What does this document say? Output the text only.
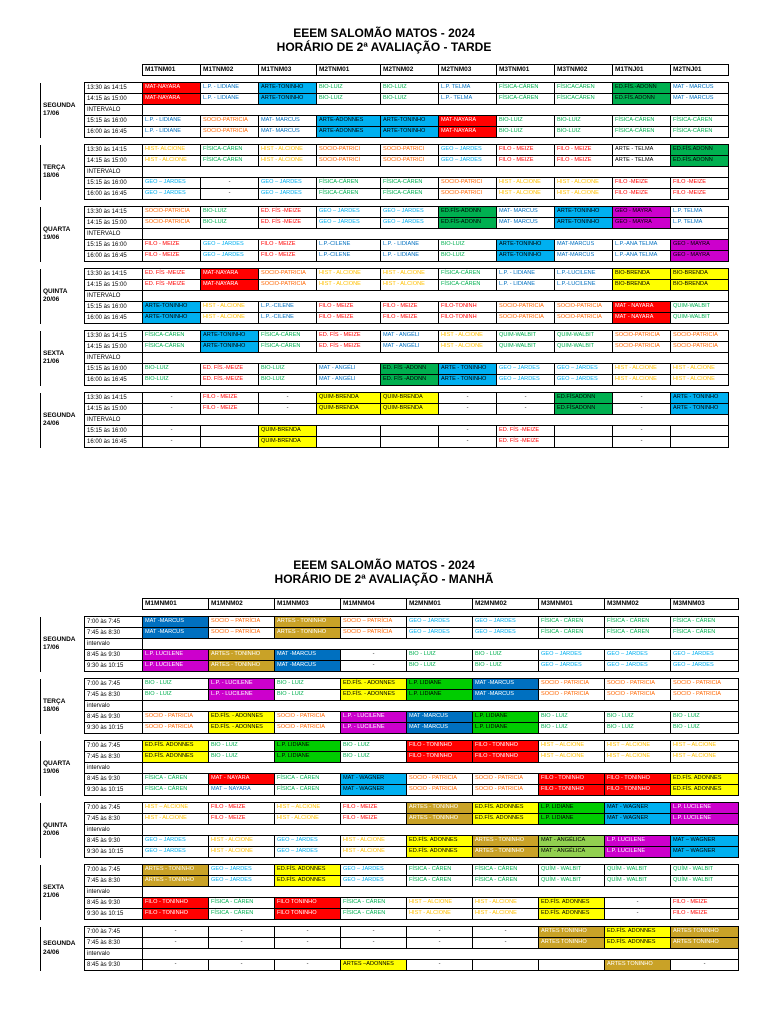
EEEM SALOMÃO MATOS - 2024
HORÁRIO DE 2ª AVALIAÇÃO - TARDE
		M1TNM01	M1TNM02	M1TNM03	M2TNM01	M2TNM02	M2TNM03	M3TNM01	M3TNM02	M1TNJ01	M2TNJ01

SEGUNDA
17/06	13:30 às 14:15	MAT-NAYARA	L.P. - LIDIANE	ARTE-TONINHO	BIO-LUIZ	BIO-LUIZ	L.P. TELMA	FÍSICA-CÁREN	FÍSICACÁREN	ED.FÍS.-ADONN	MAT - MARCUS
	14:15 às 15:00	MAT-NAYARA	L.P. - LIDIANE	ARTE-TONINHO	BIO-LUIZ	BIO-LUIZ	L.P.- TELMA	FÍSICA-CÁREN	FÍSICACÁREN	ED.FÍS.ADONN	MAT - MARCUS
	INTERVALO										
	15:15 às 16:00	L.P. - LIDIANE	SOCIO-PATRICIA	MAT- MARCUS	ARTE-ADONNES	ARTE-TONINHO	MAT-NAYARA	BIO-LUIZ	BIO-LUIZ	FÍSICA-CÁREN	FÍSICA-CÁREN
	16:00 às 16:45	L.P. - LIDIANE	SOCIO-PATRICIA	MAT- MARCUS	ARTE-ADONNES	ARTE-TONINHO	MAT-NAYARA	BIO-LUIZ	BIO-LUIZ	FÍSICA-CÁREN	FÍSICA-CÁREN

TERÇA
18/06	13:30 às 14:15	HIST- ALCIONE	FÍSICA-CÁREN	HIST - ALCIONE	SOCIO-PATRICI	SOCIO-PATRICI	GEO – JARDES	FILO - MEIZE	FILO - MEIZE	ARTE - TELMA	ED.FÍS.ADONN
	14:15 às 15:00	HIST - ALCIONE	FÍSICA-CÁREN	HIST - ALCIONE	SOCIO-PATRICI	SOCIO-PATRICI	GEO – JARDES	FILO - MEIZE	FILO - MEIZE	ARTE - TELMA	ED.FÍS.ADONN
	INTERVALO										
	15:15 às 16:00	GEO – JARDES	-	GEO – JARDES	FÍSICA-CÁREN	FÍSICA-CÁREN	SOCIO-PATRICI	HIST - ALCIONE	HIST - ALCIONE	FILO -MEIZE	FILO -MEIZE
	16:00 às 16:45	GEO – JARDES	-	GEO – JARDES	FÍSICA-CÁREN	FÍSICA-CÁREN	SOCIO-PATRICI	HIST - ALCIONE	HIST - ALCIONE	FILO -MEIZE	FILO -MEIZE

QUARTA
19/06	13:30 às 14:15	SOCIO-PATRICIA	BIO-LUIZ	ED. FÍS -MEIZE	GEO – JARDES	GEO – JARDES	ED.FÍS-ADONN	MAT- MARCUS	ARTE-TONINHO	GEO - MAYRA	L.P. TELMA
	14:15 às 15:00	SOCIO-PATRICIA	BIO-LUIZ	ED. FÍS -MEIZE	GEO – JARDES	GEO – JARDES	ED.FÍS-ADONN	MAT- MARCUS	ARTE-TONINHO	GEO - MAYRA	L.P. TELMA
	INTERVALO										
	15:15 às 16:00	FILO - MEIZE	GEO – JARDES	FILO - MEIZE	L.P.-CILENE	L.P. - LIDIANE	BIO-LUIZ	ARTE-TONINHO	MAT-MARCUS	L.P.-ANA TELMA	GEO - MAYRA
	16:00 às 16:45	FILO - MEIZE	GEO – JARDES	FILO - MEIZE	L.P.-CILENE	L.P. - LIDIANE	BIO-LUIZ	ARTE-TONINHO	MAT-MARCUS	L.P.-ANA TELMA	GEO - MAYRA

QUINTA
20/06	13:30 às 14:15	ED. FÍS -MEIZE	MAT-NAYARA	SOCIO-PATRICIA	HIST - ALCIONE	HIST - ALCIONE	FÍSICA-CÁREN	L.P. - LIDIANE	L.P.-LUCILENE	BIO-BRENDA	BIO-BRENDA
	14:15 às 15:00	ED. FÍS -MEIZE	MAT-NAYARA	SOCIO-PATRICIA	HIST - ALCIONE	HIST - ALCIONE	FÍSICA-CÁREN	L.P. - LIDIANE	L.P.-LUCILENE	BIO-BRENDA	BIO-BRENDA
	INTERVALO										
	15:15 às 16:00	ARTE-TONINHO	HIST - ALCIONE	L.P..-CILENE	FILO - MEIZE	FILO - MEIZE	FILO-TONINH	SOCIO-PATRICIA	SOCIO-PATRICIA	MAT - NAYARA	QUIM-WALBIT
	16:00 às 16:45	ARTE-TONINHO	HIST - ALCIONE	L.P..-CILENE	FILO - MEIZE	FILO - MEIZE	FILO-TONINH	SOCIO-PATRICIA	SOCIO-PATRICIA	MAT - NAYARA	QUIM-WALBIT

SEXTA
21/06	13:30 às 14:15	FÍSICA-CÁREN	ARTE-TONINHO	FÍSICA-CÁREN	ED. FÍS - MEIZE	MAT - ANGÉLI	HIST - ALCIONE	QUIM-WALBIT	QUIM-WALBIT	SOCIO-PATRICIA	SOCIO-PATRICIA
	14:15 às 15:00	FÍSICA-CÁREN	ARTE-TONINHO	FÍSICA-CÁREN	ED. FÍS - MEIZE	MAT - ANGÉLI	HIST - ALCIONE	QUIM-WALBIT	QUIM-WALBIT	SOCIO-PATRICIA	SOCIO-PATRICIA
	INTERVALO										
	15:15 às 16:00	BIO-LUIZ	ED. FÍS.-MEIZE	BIO-LUIZ	MAT - ANGÉLI	ED. FÍS -ADONN	ARTE - TONINHO	GEO – JARDES	GEO – JARDES	HIST - ALCIONE	HIST - ALCIONE
	16:00 às 16:45	BIO-LUIZ	ED. FÍS.-MEIZE	BIO-LUIZ	MAT - ANGÉLI	ED. FÍS -ADONN	ARTE - TONINHO	GEO – JARDES	GEO – JARDES	HIST - ALCIONE	HIST - ALCIONE

SEGUNDA
24/06	13:30 às 14:15	-	FILO - MEIZE	-	QUIM-BRENDA	QUIM-BRENDA	-	-	ED.FÍSADONN	-	ARTE - TONINHO
	14:15 às 15:00	-	FILO - MEIZE	-	QUIM-BRENDA	QUIM-BRENDA	-	-	ED.FÍSADONN	-	ARTE - TONINHO
	INTERVALO										
	15:15 às 16:00	-		QUIM-BRENDA			-	ED. FÍS -MEIZE		-	
	16:00 às 16:45	-		QUIM-BRENDA			-	ED. FÍS -MEIZE		-	
EEEM SALOMÃO MATOS - 2024
HORÁRIO DE 2ª AVALIAÇÃO - MANHÃ
		M1MNM01	M1MNM02	M1MNM03	M1MNM04	M2MNM01	M2MNM02	M3MNM01	M3MNM02	M3MNM03

SEGUNDA
17/06	7:00 às 7:45	MAT -MARCUS	SOCIO – PATRÍCIA	ARTES - TONINHO	SOCIO – PATRÍCIA	GEO – JARDES	GEO – JARDES	FÍSICA - CÁREN	FÍSICA - CÁREN	FÍSICA - CÁREN
	7:45 às 8:30	MAT -MARCUS	SOCIO – PATRÍCIA	ARTES - TONINHO	SOCIO – PATRÍCIA	GEO – JARDES	GEO – JARDES	FÍSICA - CÁREN	FÍSICA - CÁREN	FÍSICA - CÁREN
	intervalo									
	8:45 às 9:30	L.P. LUCILENE	ARTES - TONINHO	MAT -MARCUS	-	BIO - LUIZ	BIO - LUIZ	GEO – JARDES	GEO – JARDES	GEO – JARDES
	9:30 às 10:15	L.P. LUCILENE	ARTES - TONINHO	MAT -MARCUS	-	BIO - LUIZ	BIO - LUIZ	GEO – JARDES	GEO – JARDES	GEO – JARDES

TERÇA
18/06	7:00 às 7:45	BIO - LUIZ	L.P. - LUCILENE	BIO - LUIZ	ED.FÍS. - ADONNES	L.P. LIDIANE	MAT -MARCUS	SOCIO - PATRICIA	SOCIO - PATRICIA	SOCIO - PATRICIA
	7:45 às 8:30	BIO - LUIZ	L.P. - LUCILENE	BIO - LUIZ	ED.FÍS. - ADONNES	L.P. LIDIANE	MAT -MARCUS	SOCIO - PATRICIA	SOCIO - PATRICIA	SOCIO - PATRICIA
	intervalo									
	8:45 às 9:30	SOCIO - PATRICIA	ED.FÍS. - ADONNES	SOCIO - PATRICIA	L.P. - LUCILENE	MAT -MARCUS	L.P. LIDIANE	BIO - LUIZ	BIO - LUIZ	BIO - LUIZ
	9:30 às 10:15	SOCIO - PATRICIA	ED.FÍS. - ADONNES	SOCIO - PATRICIA	L.P. - LUCILENE	MAT -MARCUS	L.P. LIDIANE	BIO - LUIZ	BIO - LUIZ	BIO - LUIZ

QUARTA
19/06	7:00 às 7:45	ED.FÍS. ADONNES	BIO - LUIZ	L.P. LIDIANE	BIO - LUIZ	FILO - TONINHO	FILO - TONINHO	HIST – ALCIONE	HIST – ALCIONE	HIST – ALCIONE
	7:45 às 8:30	ED.FÍS. ADONNES	BIO - LUIZ	L.P. LIDIANE	BIO - LUIZ	FILO - TONINHO	FILO - TONINHO	HIST – ALCIONE	HIST – ALCIONE	HIST – ALCIONE
	intervalo									
	8:45 às 9:30	FÍSICA - CÁREN	MAT - NAYARA	FÍSICA - CÁREN	MAT - WAGNER	SOCIO - PATRICIA	SOCIO - PATRICIA	FILO - TONINHO	FILO - TONINHO	ED.FÍS. ADONNES
	9:30 às 10:15	FÍSICA - CÁREN	MAT – NAYARA	FÍSICA - CÁREN	MAT - WAGNER	SOCIO - PATRICIA	SOCIO - PATRICIA	FILO - TONINHO	FILO - TONINHO	ED.FÍS. ADONNES

QUINTA
20/06	7:00 às 7:45	HIST – ALCIONE	FILO - MEIZE	HIST – ALCIONE	FILO - MEIZE	ARTES - TONINHO	ED.FÍS. ADONNES	L.P. LIDIANE	MAT - WAGNER	L.P. LUCILENE
	7:45 às 8:30	HIST - ALCIONE	FILO - MEIZE	HIST - ALCIONE	FILO - MEIZE	ARTES - TONINHO	ED.FÍS. ADONNES	L.P. LIDIANE	MAT - WAGNER	L.P. LUCILENE
	intervalo									
	8:45 às 9:30	GEO – JARDES	HIST - ALCIONE	GEO – JARDES	HIST - ALCIONE	ED.FÍS. ADONNES	ARTES - TONINHO	MAT - ANGÉLICA	L.P. LUCILENE	MAT – WAGNER
	9:30 às 10:15	GEO – JARDES	HIST - ALCIONE	GEO – JARDES	HIST - ALCIONE	ED.FÍS. ADONNES	ARTES - TONINHO	MAT - ANGÉLICA	L.P. LUCILENE	MAT – WAGNER

SEXTA
21/06	7:00 às 7:45	ARTES - TONINHO	GEO – JARDES	ED.FÍS. ADONNES	GEO – JARDES	FÍSICA - CÁREN	FÍSICA - CÁREN	QUÍM - WALBIT	QUÍM - WALBIT	QUÍM - WALBIT
	7:45 às 8:30	ARTES - TONINHO	GEO – JARDES	ED.FÍS. ADONNES	GEO – JARDES	FÍSICA - CÁREN	FÍSICA - CÁREN	QUÍM - WALBIT	QUÍM - WALBIT	QUÍM - WALBIT
	intervalo									
	8:45 às 9:30	FILO - TONINHO	FÍSICA - CÁREN	FILO TONINHO	FÍSICA - CÁREN	HIST – ALCIONE	HIST - ALCIONE	ED.FÍS. ADONNES	-	FILO - MEIZE
	9:30 às 10:15	FILO - TONINHO	FÍSICA - CÁREN	FILO TONINHO	FÍSICA - CÁREN	HIST - ALCIONE	HIST - ALCIONE	ED.FÍS. ADONNES	-	FILO - MEIZE

SEGUNDA
24/06	7:00 às 7:45	-	-	-	-	-	-	ARTES TONINHO	ED.FÍS. ADONNES	ARTES TONINHO
	7:45 às 8:30	-	-	-	-	-	-	ARTES TONINHO	ED.FÍS. ADONNES	ARTES TONINHO
	intervalo									
	8:45 às 9:30	-	-	-	ARTES –ADONNES	-			ARTES TONINHO	-
